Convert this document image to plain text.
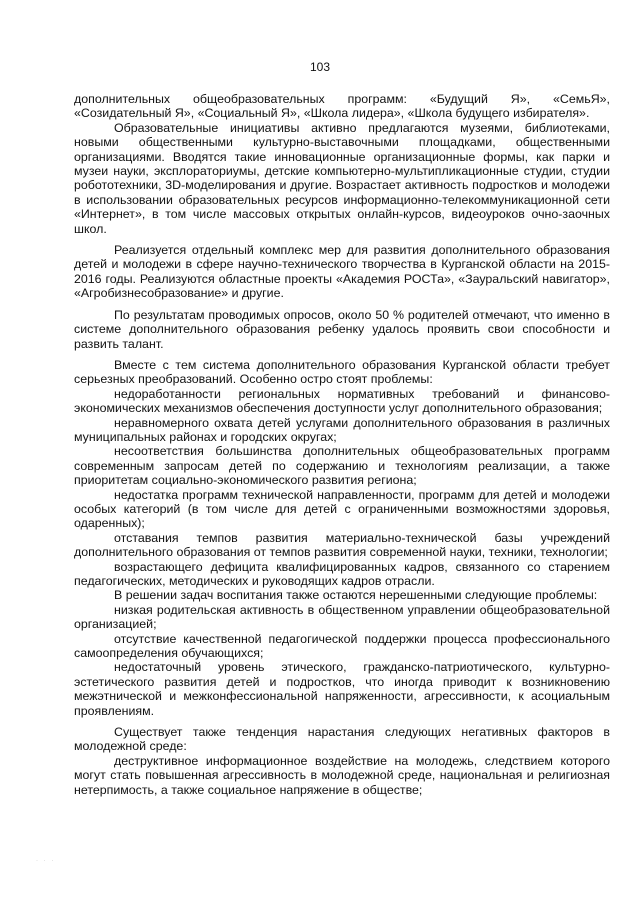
103

дополнительных общеобразовательных программ: «Будущий Я», «СемьЯ», «Созидательный Я», «Социальный Я», «Школа лидера», «Школа будущего избирателя».

Образовательные инициативы активно предлагаются музеями, библиотеками, новыми общественными культурно-выставочными площадками, общественными организациями. Вводятся такие инновационные организационные формы, как парки и музеи науки, эксплораториумы, детские компьютерно-мультипликационные студии, студии робототехники, 3D-моделирования и другие. Возрастает активность подростков и молодежи в использовании образовательных ресурсов информационно-телекоммуникационной сети «Интернет», в том числе массовых открытых онлайн-курсов, видеоуроков очно-заочных школ.

Реализуется отдельный комплекс мер для развития дополнительного образования детей и молодежи в сфере научно-технического творчества в Курганской области на 2015-2016 годы. Реализуются областные проекты «Академия РОСТа», «Зауральский навигатор», «Агробизнесобразование» и другие.

По результатам проводимых опросов, около 50 % родителей отмечают, что именно в системе дополнительного образования ребенку удалось проявить свои способности и развить талант.

Вместе с тем система дополнительного образования Курганской области требует серьезных преобразований. Особенно остро стоят проблемы:

недоработанности региональных нормативных требований и финансово-экономических механизмов обеспечения доступности услуг дополнительного образования;

неравномерного охвата детей услугами дополнительного образования в различных муниципальных районах и городских округах;

несоответствия большинства дополнительных общеобразовательных программ современным запросам детей по содержанию и технологиям реализации, а также приоритетам социально-экономического развития региона;

недостатка программ технической направленности, программ для детей и молодежи особых категорий (в том числе для детей с ограниченными возможностями здоровья, одаренных);

отставания темпов развития материально-технической базы учреждений дополнительного образования от темпов развития современной науки, техники, технологии;

возрастающего дефицита квалифицированных кадров, связанного со старением педагогических, методических и руководящих кадров отрасли.

В решении задач воспитания также остаются нерешенными следующие проблемы:

низкая родительская активность в общественном управлении общеобразовательной организацией;

отсутствие качественной педагогической поддержки процесса профессионального самоопределения обучающихся;

недостаточный уровень этического, гражданско-патриотического, культурно-эстетического развития детей и подростков, что иногда приводит к возникновению межэтнической и межконфессиональной напряженности, агрессивности, к асоциальным проявлениям.

Существует также тенденция нарастания следующих негативных факторов в молодежной среде:

деструктивное информационное воздействие на молодежь, следствием которого могут стать повышенная агрессивность в молодежной среде, национальная и религиозная нетерпимость, а также социальное напряжение в обществе;

· · ·
